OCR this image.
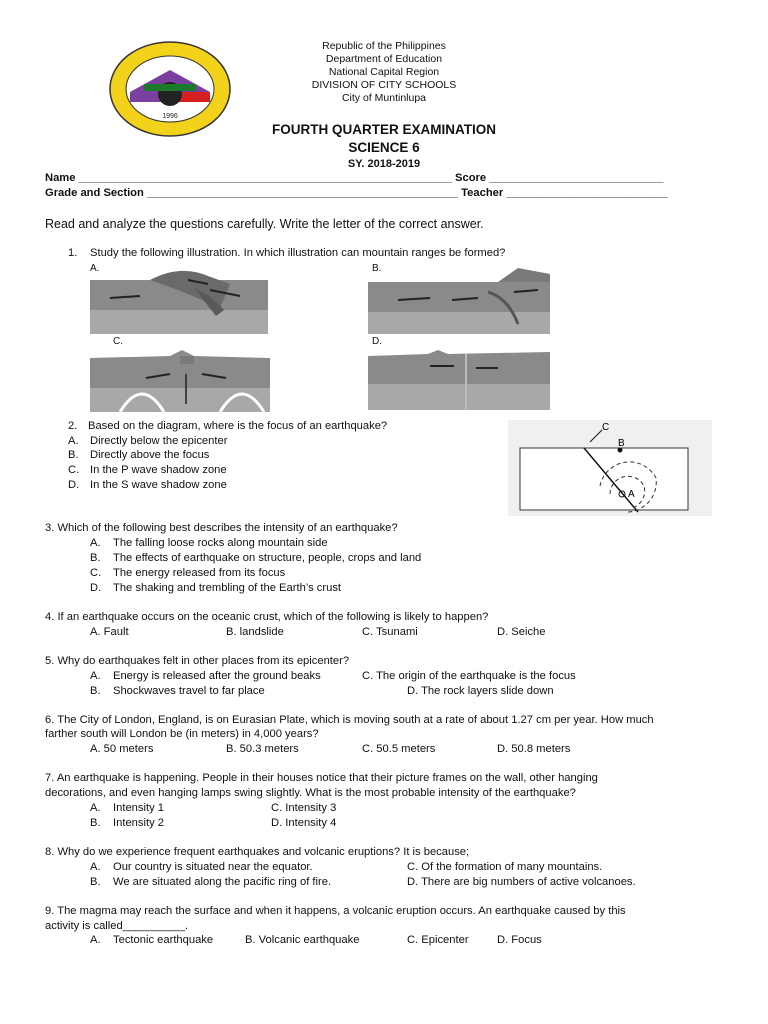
1996
Republic of the Philippines
Department of Education
National Capital Region
DIVISION OF CITY SCHOOLS
City of Muntinlupa
FOURTH QUARTER EXAMINATION
SCIENCE 6
SY. 2018-2019
Name ____________________________________________________________ Score ____________________________
Grade and Section __________________________________________________ Teacher __________________________
Read and analyze the questions carefully. Write the letter of the correct answer.
1. Study the following illustration. In which illustration can mountain ranges be formed?
A.	B.
C.	D.
2. Based on the diagram, where is the focus of an earthquake?
A. Directly below the epicenter
B. Directly above the focus
C. In the P wave shadow zone
D. In the S wave shadow zone
C
B
A
3. Which of the following best describes the intensity of an earthquake?
A. The falling loose rocks along mountain side
B. The effects of earthquake on structure, people, crops and land
C. The energy released from its focus
D. The shaking and trembling of the Earth’s crust
4. If an earthquake occurs on the oceanic crust, which of the following is likely to happen?
A. Fault	B. landslide	C. Tsunami	D. Seiche
5. Why do earthquakes felt in other places from its epicenter?
A. Energy is released after the ground beaks	C. The origin of the earthquake is the focus
B. Shockwaves travel to far place	D. The rock layers slide down
6. The City of London, England, is on Eurasian Plate, which is moving south at a rate of about 1.27 cm per year. How much
farther south will London be (in meters) in 4,000 years?
A. 50 meters	B. 50.3 meters	C. 50.5 meters	D. 50.8 meters
7. An earthquake is happening. People in their houses notice that their picture frames on the wall, other hanging
decorations, and even hanging lamps swing slightly. What is the most probable intensity of the earthquake?
A. Intensity 1	C. Intensity 3
B. Intensity 2	D. Intensity 4
8. Why do we experience frequent earthquakes and volcanic eruptions? It is because;
A. Our country is situated near the equator.	C. Of the formation of many mountains.
B. We are situated along the pacific ring of fire.	D. There are big numbers of active volcanoes.
9. The magma may reach the surface and when it happens, a volcanic eruption occurs. An earthquake caused by this
activity is called__________.
A. Tectonic earthquake	B. Volcanic earthquake	C. Epicenter	D. Focus
